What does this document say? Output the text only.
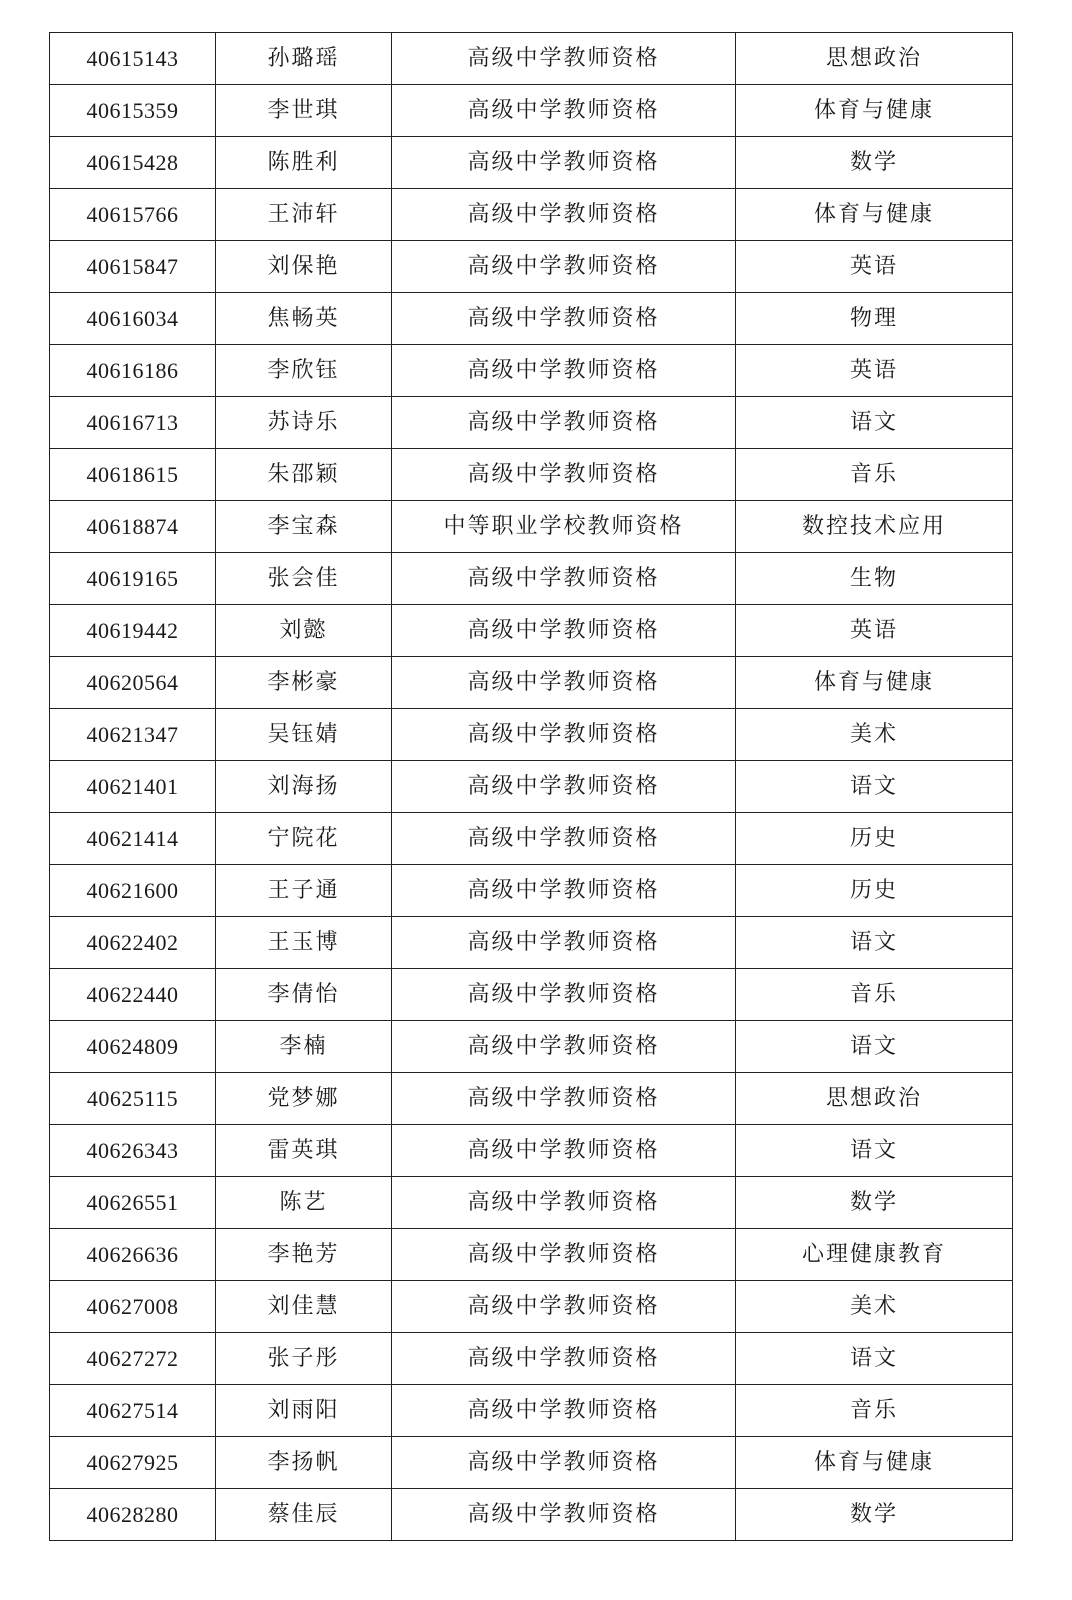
40615143	孙璐瑶	高级中学教师资格	思想政治
40615359	李世琪	高级中学教师资格	体育与健康
40615428	陈胜利	高级中学教师资格	数学
40615766	王沛轩	高级中学教师资格	体育与健康
40615847	刘保艳	高级中学教师资格	英语
40616034	焦畅英	高级中学教师资格	物理
40616186	李欣钰	高级中学教师资格	英语
40616713	苏诗乐	高级中学教师资格	语文
40618615	朱邵颖	高级中学教师资格	音乐
40618874	李宝森	中等职业学校教师资格	数控技术应用
40619165	张会佳	高级中学教师资格	生物
40619442	刘懿	高级中学教师资格	英语
40620564	李彬豪	高级中学教师资格	体育与健康
40621347	吴钰婧	高级中学教师资格	美术
40621401	刘海扬	高级中学教师资格	语文
40621414	宁院花	高级中学教师资格	历史
40621600	王子通	高级中学教师资格	历史
40622402	王玉博	高级中学教师资格	语文
40622440	李倩怡	高级中学教师资格	音乐
40624809	李楠	高级中学教师资格	语文
40625115	党梦娜	高级中学教师资格	思想政治
40626343	雷英琪	高级中学教师资格	语文
40626551	陈艺	高级中学教师资格	数学
40626636	李艳芳	高级中学教师资格	心理健康教育
40627008	刘佳慧	高级中学教师资格	美术
40627272	张子彤	高级中学教师资格	语文
40627514	刘雨阳	高级中学教师资格	音乐
40627925	李扬帆	高级中学教师资格	体育与健康
40628280	蔡佳辰	高级中学教师资格	数学
